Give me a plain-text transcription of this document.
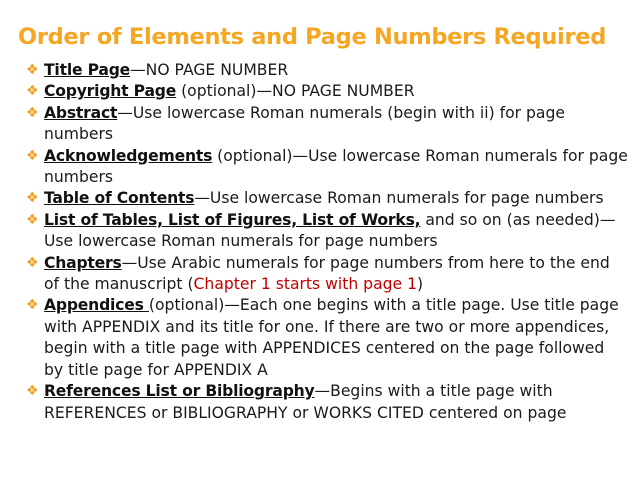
Order of Elements and Page Numbers Required
❖ Title Page—NO PAGE NUMBER
❖ Copyright Page (optional)—NO PAGE NUMBER
❖ Abstract—Use lowercase Roman numerals (begin with ii) for page numbers
❖ Acknowledgements (optional)—Use lowercase Roman numerals for page numbers
❖ Table of Contents—Use lowercase Roman numerals for page numbers
❖ List of Tables, List of Figures, List of Works, and so on (as needed)—Use lowercase Roman numerals for page numbers
❖ Chapters—Use Arabic numerals for page numbers from here to the end of the manuscript (Chapter 1 starts with page 1)
❖ Appendices (optional)—Each one begins with a title page. Use title page with APPENDIX and its title for one. If there are two or more appendices, begin with a title page with APPENDICES centered on the page followed by title page for APPENDIX A
❖ References List or Bibliography—Begins with a title page with REFERENCES or BIBLIOGRAPHY or WORKS CITED centered on page
